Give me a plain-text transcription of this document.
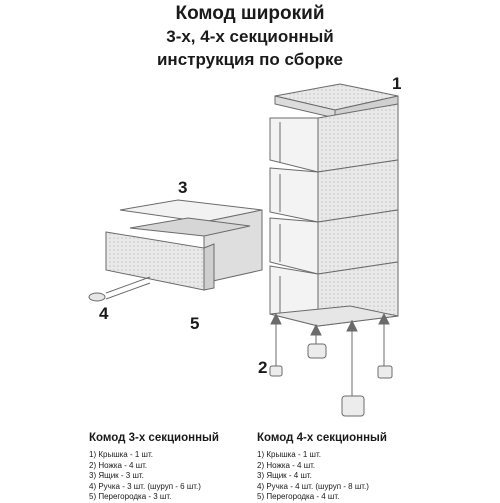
Комод широкий
3-х, 4-х секционный
инструкция по сборке
1
2
3
4
5
Комод 3-х секционный
1) Крышка - 1 шт.
2) Ножка - 4 шт.
3) Ящик - 3 шт.
4) Ручка - 3 шт. (шуруп - 6 шт.)
5) Перегородка - 3 шт.
Комод 4-х секционный
1) Крышка - 1 шт.
2) Ножка - 4 шт.
3) Ящик - 4 шт.
4) Ручка - 4 шт. (шуруп - 8 шт.)
5) Перегородка - 4 шт.
